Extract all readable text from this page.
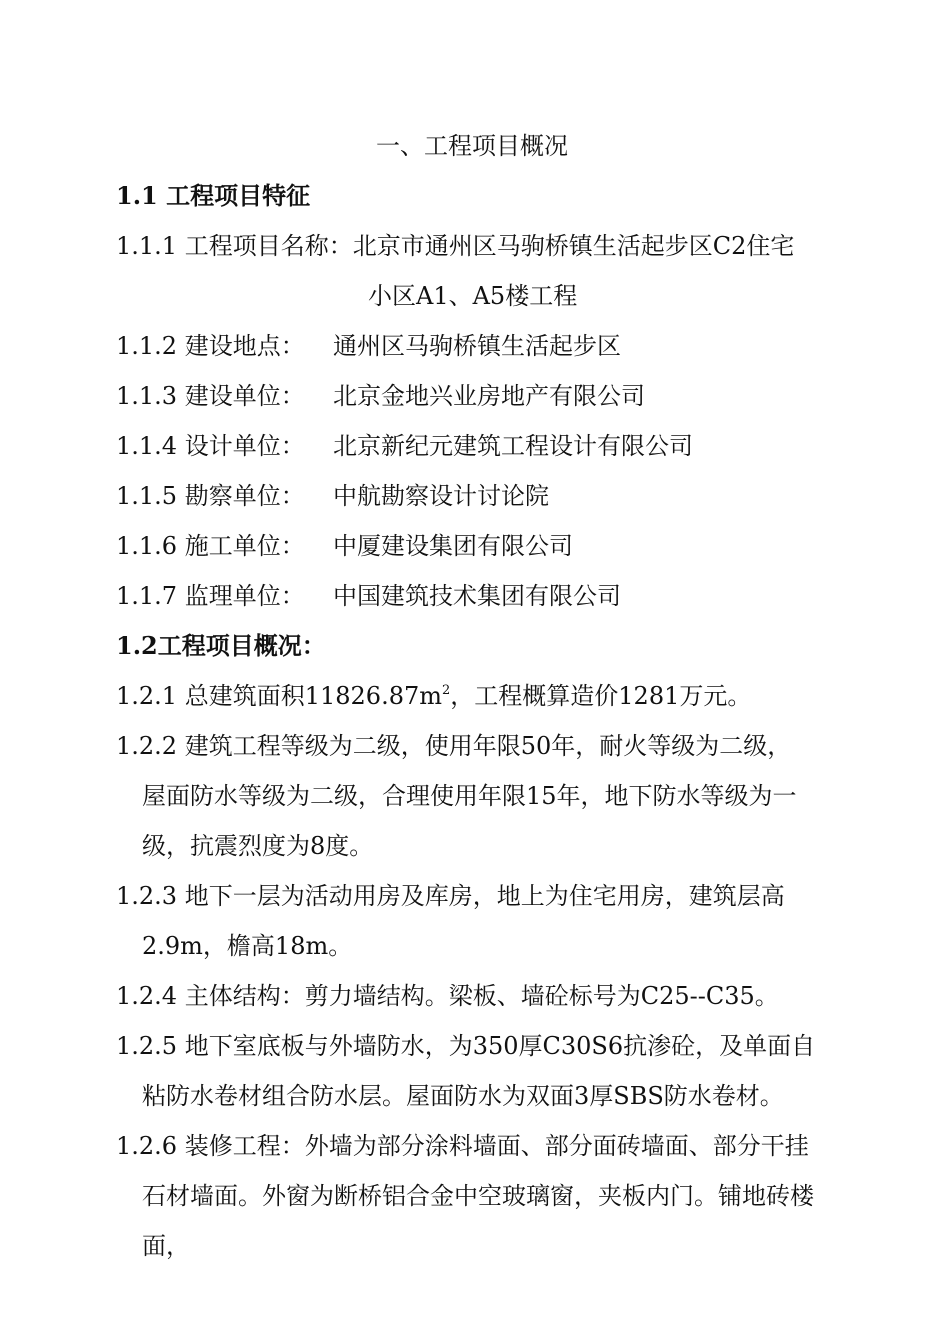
一、工程项目概况
1.1 工程项目特征
1.1.1 工程项目名称：北京市通州区马驹桥镇生活起步区C2住宅
小区A1、A5楼工程
1.1.2 建设地点： 通州区马驹桥镇生活起步区
1.1.3 建设单位： 北京金地兴业房地产有限公司
1.1.4 设计单位： 北京新纪元建筑工程设计有限公司
1.1.5 勘察单位： 中航勘察设计讨论院
1.1.6 施工单位： 中厦建设集团有限公司
1.1.7 监理单位： 中国建筑技术集团有限公司
1.2工程项目概况：
1.2.1 总建筑面积$11826.87m^2$，工程概算造价1281万元。
1.2.2 建筑工程等级为二级，使用年限50年，耐火等级为二级，
屋面防水等级为二级，合理使用年限15年，地下防水等级为一
级，抗震烈度为8度。
1.2.3 地下一层为活动用房及库房，地上为住宅用房，建筑层高
2.9m，檐高18m。
1.2.4 主体结构：剪力墙结构。梁板、墙砼标号为C25--C35。
1.2.5 地下室底板与外墙防水，为350厚C30S6抗渗砼，及单面自
粘防水卷材组合防水层。屋面防水为双面3厚SBS防水卷材。
1.2.6 装修工程：外墙为部分涂料墙面、部分面砖墙面、部分干挂
石材墙面。外窗为断桥铝合金中空玻璃窗，夹板内门。铺地砖楼
面，
